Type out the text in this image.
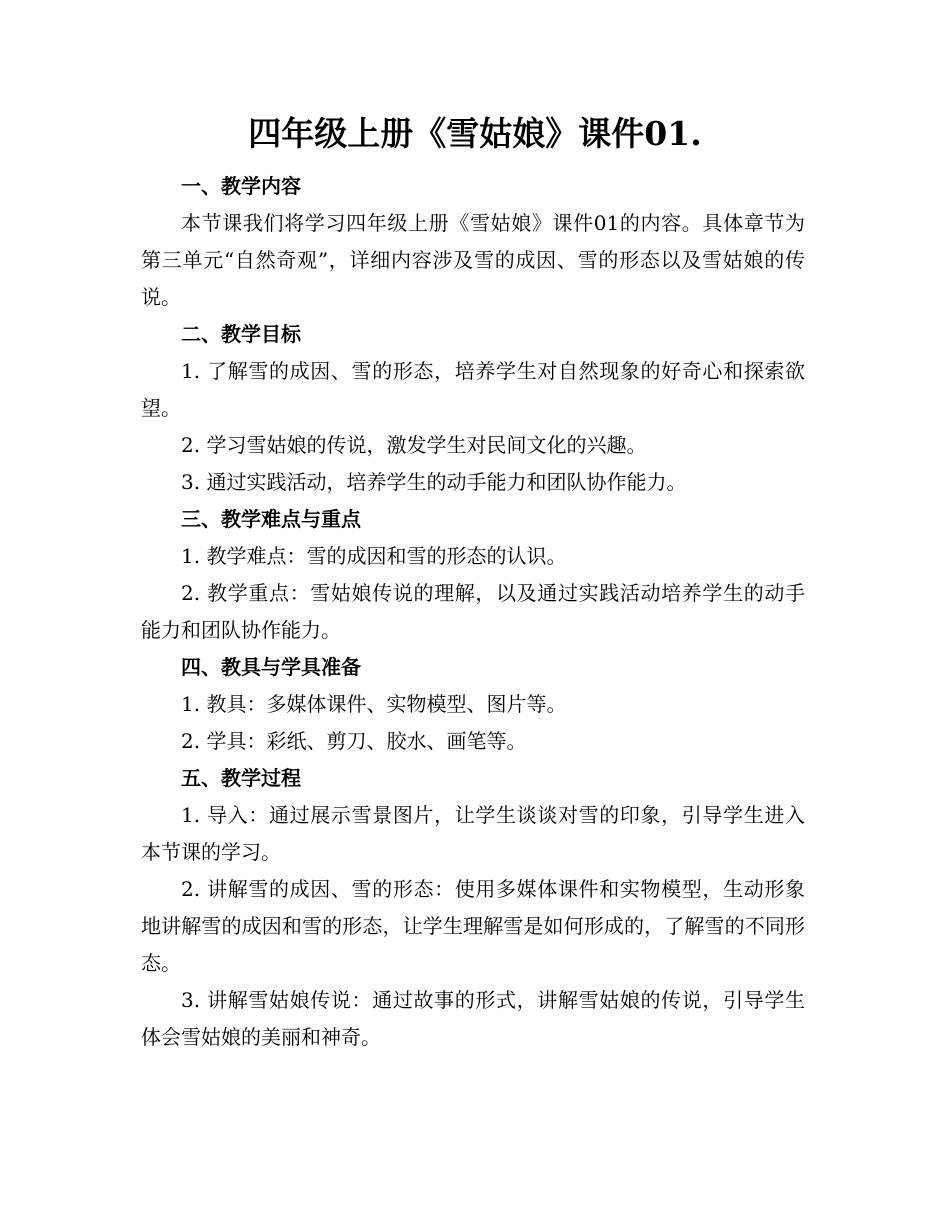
四年级上册《雪姑娘》课件01.
一、教学内容

本节课我们将学习四年级上册《雪姑娘》课件01的内容。具体章节为第三单元“自然奇观”，详细内容涉及雪的成因、雪的形态以及雪姑娘的传说。

二、教学目标

1. 了解雪的成因、雪的形态，培养学生对自然现象的好奇心和探索欲望。

2. 学习雪姑娘的传说，激发学生对民间文化的兴趣。

3. 通过实践活动，培养学生的动手能力和团队协作能力。

三、教学难点与重点

1. 教学难点：雪的成因和雪的形态的认识。

2. 教学重点：雪姑娘传说的理解，以及通过实践活动培养学生的动手能力和团队协作能力。

四、教具与学具准备

1. 教具：多媒体课件、实物模型、图片等。

2. 学具：彩纸、剪刀、胶水、画笔等。

五、教学过程

1. 导入：通过展示雪景图片，让学生谈谈对雪的印象，引导学生进入本节课的学习。

2. 讲解雪的成因、雪的形态：使用多媒体课件和实物模型，生动形象地讲解雪的成因和雪的形态，让学生理解雪是如何形成的，了解雪的不同形态。

3. 讲解雪姑娘传说：通过故事的形式，讲解雪姑娘的传说，引导学生体会雪姑娘的美丽和神奇。
